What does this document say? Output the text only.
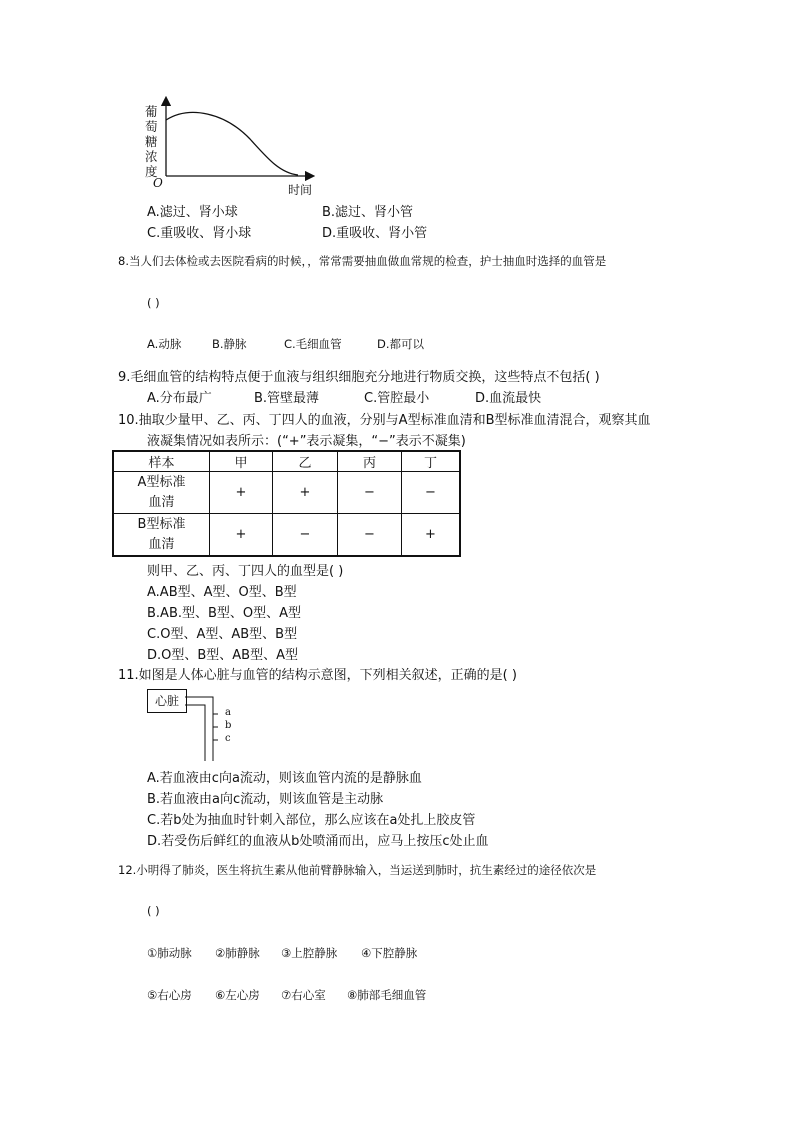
葡
萄
糖
浓
度
O	时间
A.滤过、肾小球	B.滤过、肾小管
C.重吸收、肾小球	D.重吸收、肾小管
8.当人们去体检或去医院看病的时候，，常常需要抽血做血常规的检查，护士抽血时选择的血管是
( )
A.动脉	B.静脉	C.毛细血管	D.都可以
9.毛细血管的结构特点便于血液与组织细胞充分地进行物质交换，这些特点不包括( )
A.分布最广	B.管壁最薄	C.管腔最小	D.血流最快
10.抽取少量甲、乙、丙、丁四人的血液，分别与A型标准血清和B型标准血清混合，观察其血
液凝集情况如表所示：(“+”表示凝集，“−”表示不凝集)
样本	甲	乙	丙	丁

A型标准
血清	+	+	−	−

B型标准
血清	+	−	−	+
则甲、乙、丙、丁四人的血型是( )
A.AB型、A型、O型、B型
B.AB.型、B型、O型、A型
C.O型、A型、AB型、B型
D.O型、B型、AB型、A型
11.如图是人体心脏与血管的结构示意图，下列相关叙述，正确的是( )
心脏
a
b
c
A.若血液由c向a流动，则该血管内流的是静脉血
B.若血液由a向c流动，则该血管是主动脉
C.若b处为抽血时针刺入部位，那么应该在a处扎上胶皮管
D.若受伤后鲜红的血液从b处喷涌而出，应马上按压c处止血
12.小明得了肺炎，医生将抗生素从他前臂静脉输入，当运送到肺时，抗生素经过的途径依次是
( )
①肺动脉 ②肺静脉 ③上腔静脉 ④下腔静脉
⑤右心房 ⑥左心房 ⑦右心室 ⑧肺部毛细血管
